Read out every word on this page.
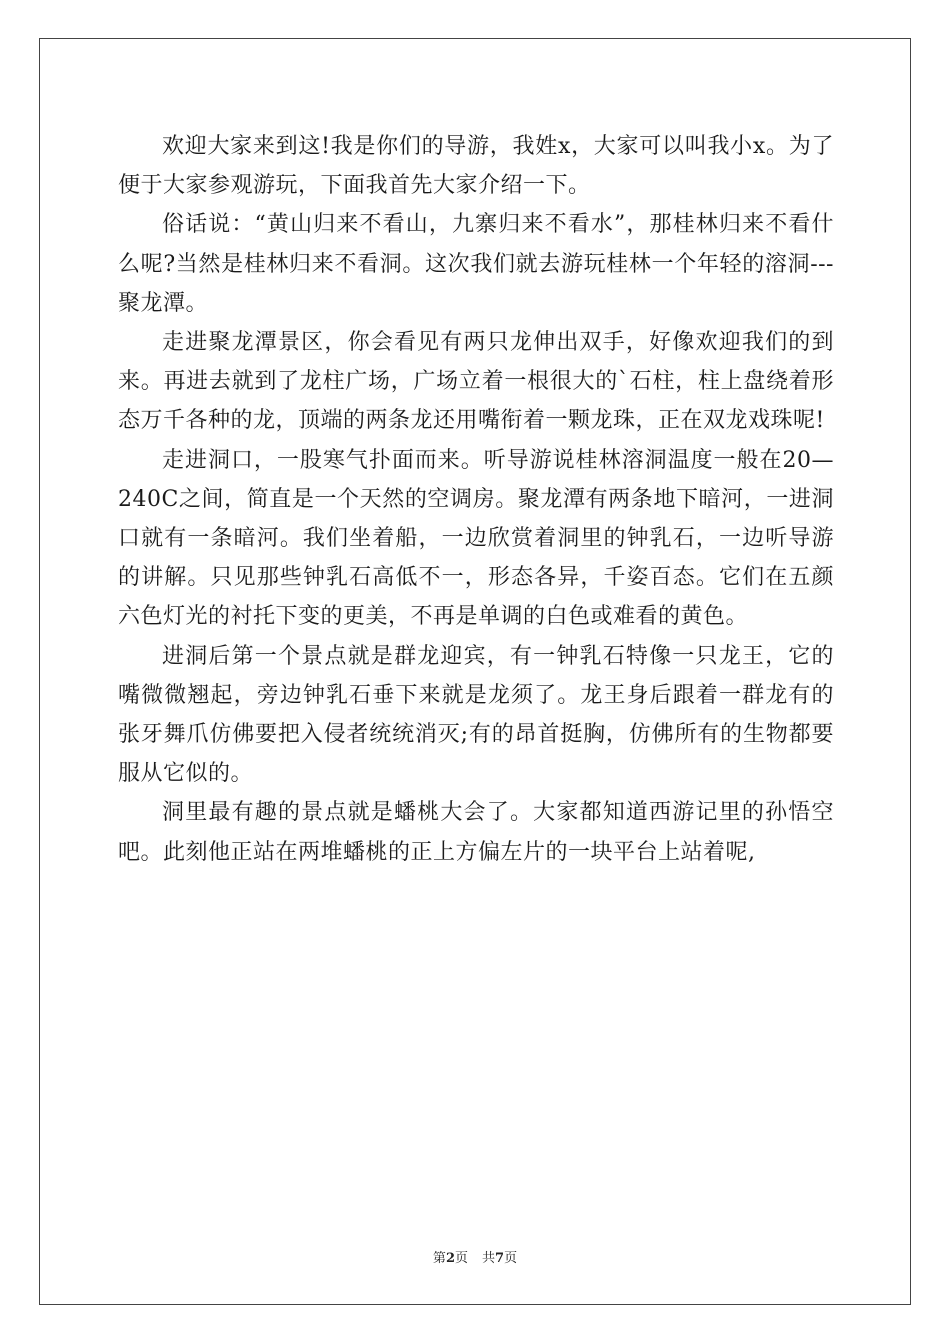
欢迎大家来到这!我是你们的导游，我姓x，大家可以叫我小x。为了便于大家参观游玩，下面我首先大家介绍一下。

俗话说：“黄山归来不看山，九寨归来不看水”，那桂林归来不看什么呢?当然是桂林归来不看洞。这次我们就去游玩桂林一个年轻的溶洞---聚龙潭。

走进聚龙潭景区，你会看见有两只龙伸出双手，好像欢迎我们的到来。再进去就到了龙柱广场，广场立着一根很大的`石柱，柱上盘绕着形态万千各种的龙，顶端的两条龙还用嘴衔着一颗龙珠，正在双龙戏珠呢!

走进洞口，一股寒气扑面而来。听导游说桂林溶洞温度一般在20—240C之间，简直是一个天然的空调房。聚龙潭有两条地下暗河，一进洞口就有一条暗河。我们坐着船，一边欣赏着洞里的钟乳石，一边听导游的讲解。只见那些钟乳石高低不一，形态各异，千姿百态。它们在五颜六色灯光的衬托下变的更美，不再是单调的白色或难看的黄色。

进洞后第一个景点就是群龙迎宾，有一钟乳石特像一只龙王，它的嘴微微翘起，旁边钟乳石垂下来就是龙须了。龙王身后跟着一群龙有的张牙舞爪仿佛要把入侵者统统消灭;有的昂首挺胸，仿佛所有的生物都要服从它似的。

洞里最有趣的景点就是蟠桃大会了。大家都知道西游记里的孙悟空吧。此刻他正站在两堆蟠桃的正上方偏左片的一块平台上站着呢,

第2页 共7页
